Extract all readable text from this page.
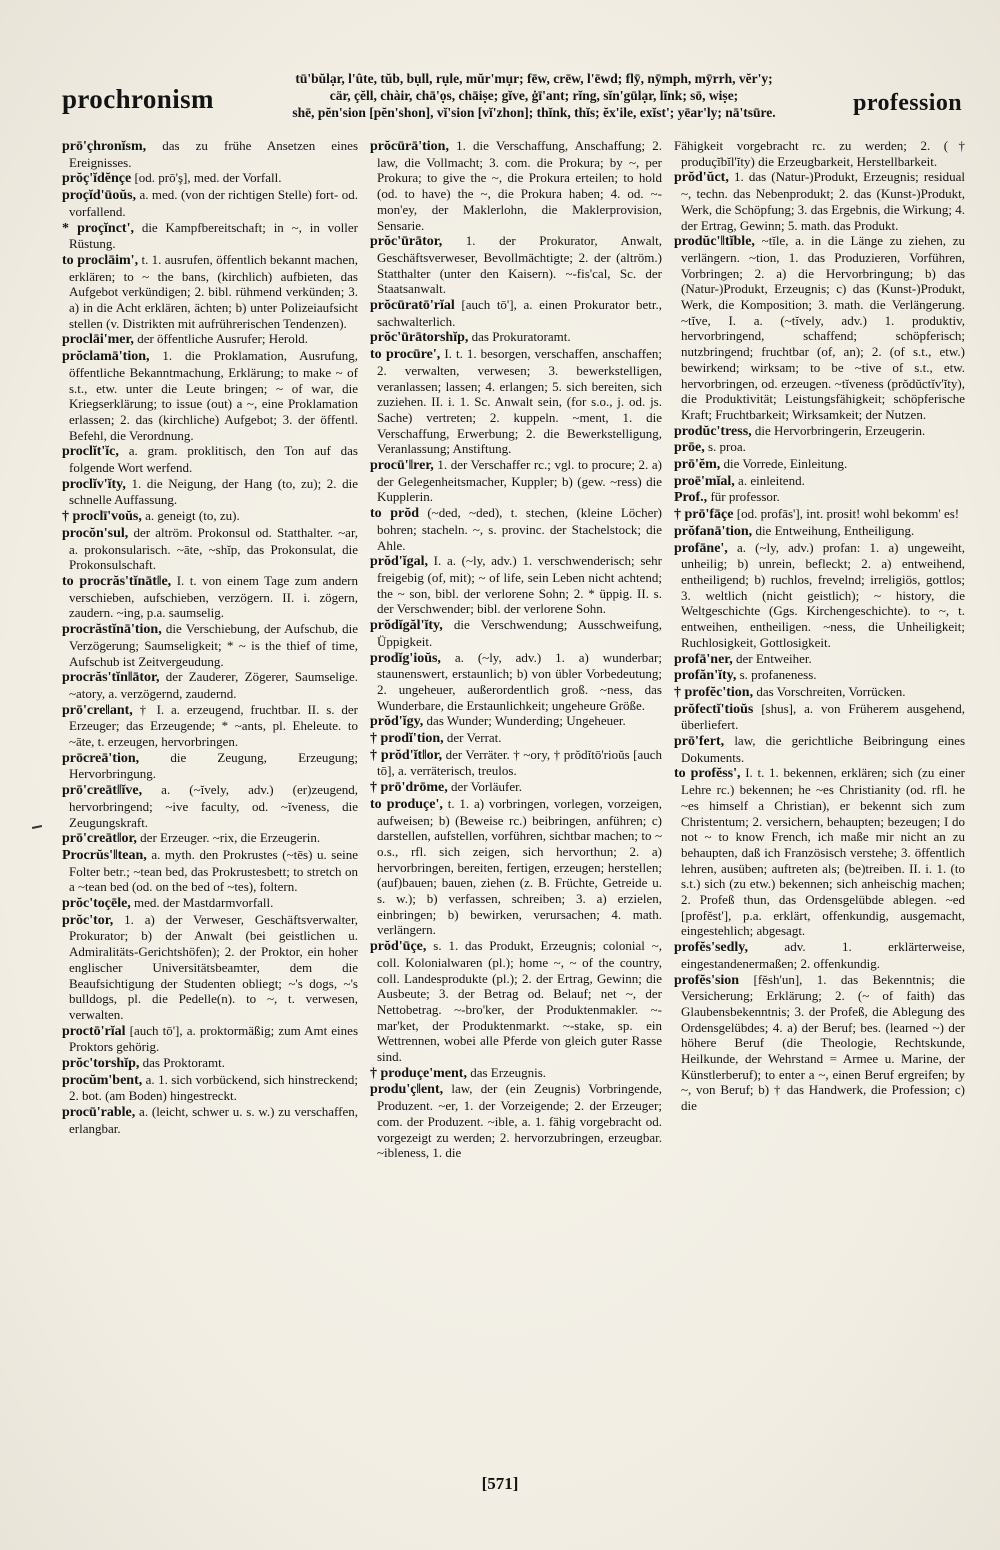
prochronism
tū'bŭlạr, l'ûte, tŭb, bụll, rụle, mŭr'mụr; fēw, crēw, l'ēwd; flȳ, nȳmph, mȳrrh, vĕr'y;
cär, çĕll, chàir, chā'ọs, chāiṣe; gĭve, ġī'ant; rĭng, sĭn'gūlạr, lĭnk; sō, wiṣe;
shē, pĕn'sion [pĕn'shon], vĭ'sion [vĭ'zhon]; thĭnk, thĭs; ĕx'ile, exĭst'; yēar'ly; nā'tsūre.	profession

prō'çhronĭsm, das zu frühe Ansetzen eines Ereignisses.

prŏç'ĭdĕnçe [od. prō'ş], med. der Vorfall.

proçĭd'ūoŭs, a. med. (von der richtigen Stelle) fort- od. vorfallend.

* proçĭnct', die Kampfbereitschaft; in ~, in voller Rüstung.

to proclāim', t. 1. ausrufen, öffentlich bekannt machen, erklären; to ~ the bans, (kirchlich) aufbieten, das Aufgebot verkündigen; 2. bibl. rühmend verkünden; 3. a) in die Acht erklären, ächten; b) unter Polizeiaufsicht stellen (v. Distrikten mit aufrührerischen Tendenzen).

proclāi'mer, der öffentliche Ausrufer; Herold.

prŏclamā'tion, 1. die Proklamation, Ausrufung, öffentliche Bekanntmachung, Erklärung; to make ~ of s.t., etw. unter die Leute bringen; ~ of war, die Kriegserklärung; to issue (out) a ~, eine Proklamation erlassen; 2. das (kirchliche) Aufgebot; 3. der öffentl. Befehl, die Verordnung.

proclĭt'ĭc, a. gram. proklitisch, den Ton auf das folgende Wort werfend.

proclĭv'ĭty, 1. die Neigung, der Hang (to, zu); 2. die schnelle Auffassung.

† proclī'voŭs, a. geneigt (to, zu).

procŏn'sul, der altröm. Prokonsul od. Statthalter. ~ar, a. prokonsularisch. ~āte, ~shĭp, das Prokonsulat, die Prokonsulschaft.

to procrăs'tĭnāt‖e, I. t. von einem Tage zum andern verschieben, aufschieben, verzögern. II. i. zögern, zaudern. ~ing, p.a. saumselig.

procrăstĭnā'tion, die Verschiebung, der Aufschub, die Verzögerung; Saumseligkeit; * ~ is the thief of time, Aufschub ist Zeitvergeudung.

procrăs'tĭn‖ātor, der Zauderer, Zögerer, Saumselige. ~atory, a. verzögernd, zaudernd.

prō'cre‖ant, † I. a. erzeugend, fruchtbar. II. s. der Erzeuger; das Erzeugende; * ~ants, pl. Eheleute. to ~āte, t. erzeugen, hervorbringen.

prōcreā'tion, die Zeugung, Erzeugung; Hervorbringung.

prō'creāt‖ĭve, a. (~ĭvely, adv.) (er)zeugend, hervorbringend; ~ive faculty, od. ~ĭveness, die Zeugungskraft.

prō'creāt‖or, der Erzeuger. ~rix, die Erzeugerin.

Procrŭs'‖tean, a. myth. den Prokrustes (~tēs) u. seine Folter betr.; ~tean bed, das Prokrustesbett; to stretch on a ~tean bed (od. on the bed of ~tes), foltern.

prŏc'toçēle, med. der Mastdarmvorfall.

prŏc'tor, 1. a) der Verweser, Geschäftsverwalter, Prokurator; b) der Anwalt (bei geistlichen u. Admiralitäts-Gerichtshöfen); 2. der Proktor, ein hoher englischer Universitätsbeamter, dem die Beaufsichtigung der Studenten obliegt; ~'s dogs, ~'s bulldogs, pl. die Pedelle(n). to ~, t. verwesen, verwalten.

proctō'rĭal [auch tō'], a. proktormäßig; zum Amt eines Proktors gehörig.

prŏc'torshĭp, das Proktoramt.

procŭm'bent, a. 1. sich vorbückend, sich hinstreckend; 2. bot. (am Boden) hingestreckt.

procū'rable, a. (leicht, schwer u. s. w.) zu verschaffen, erlangbar.

prŏcūrā'tion, 1. die Verschaffung, Anschaffung; 2. law, die Vollmacht; 3. com. die Prokura; by ~, per Prokura; to give the ~, die Prokura erteilen; to hold (od. to have) the ~, die Prokura haben; 4. od. ~-mon'ey, der Maklerlohn, die Maklerprovision, Sensarie.

prŏc'ūrātor, 1. der Prokurator, Anwalt, Geschäftsverweser, Bevollmächtigte; 2. der (altröm.) Statthalter (unter den Kaisern). ~-fis'cal, Sc. der Staatsanwalt.

prŏcūratō'rĭal [auch tō'], a. einen Prokurator betr., sachwalterlich.

prŏc'ūrātorshĭp, das Prokuratoramt.

to procūre', I. t. 1. besorgen, verschaffen, anschaffen; 2. verwalten, verwesen; 3. bewerkstelligen, veranlassen; lassen; 4. erlangen; 5. sich bereiten, sich zuziehen. II. i. 1. Sc. Anwalt sein, (for s.o., j. od. js. Sache) vertreten; 2. kuppeln. ~ment, 1. die Verschaffung, Erwerbung; 2. die Bewerkstelligung, Veranlassung; Anstiftung.

procū'‖rer, 1. der Verschaffer rc.; vgl. to procure; 2. a) der Gelegenheitsmacher, Kuppler; b) (gew. ~ress) die Kupplerin.

to prŏd (~ded, ~ded), t. stechen, (kleine Löcher) bohren; stacheln. ~, s. provinc. der Stachelstock; die Ahle.

prŏd'ĭgal, I. a. (~ly, adv.) 1. verschwenderisch; sehr freigebig (of, mit); ~ of life, sein Leben nicht achtend; the ~ son, bibl. der verlorene Sohn; 2. * üppig. II. s. der Verschwender; bibl. der verlorene Sohn.

prŏdĭgăl'ĭty, die Verschwendung; Ausschweifung, Üppigkeit.

prodĭg'ioŭs, a. (~ly, adv.) 1. a) wunderbar; staunenswert, erstaunlich; b) von übler Vorbedeutung; 2. ungeheuer, außerordentlich groß. ~ness, das Wunderbare, die Erstaunlichkeit; ungeheure Größe.

prŏd'ĭgy, das Wunder; Wunderding; Ungeheuer.

† prodĭ'tion, der Verrat.

† prŏd'ĭt‖or, der Verräter. † ~ory, † prŏdĭtō'rioŭs [auch tō], a. verräterisch, treulos.

† prō'drōme, der Vorläufer.

to produçe', t. 1. a) vorbringen, vorlegen, vorzeigen, aufweisen; b) (Beweise rc.) beibringen, anführen; c) darstellen, aufstellen, vorführen, sichtbar machen; to ~ o.s., rfl. sich zeigen, sich hervorthun; 2. a) hervorbringen, bereiten, fertigen, erzeugen; herstellen; (auf)bauen; bauen, ziehen (z. B. Früchte, Getreide u. s. w.); b) verfassen, schreiben; 3. a) erzielen, einbringen; b) bewirken, verursachen; 4. math. verlängern.

prŏd'ūçe, s. 1. das Produkt, Erzeugnis; colonial ~, coll. Kolonialwaren (pl.); home ~, ~ of the country, coll. Landesprodukte (pl.); 2. der Ertrag, Gewinn; die Ausbeute; 3. der Betrag od. Belauf; net ~, der Nettobetrag. ~-bro'ker, der Produktenmakler. ~-mar'ket, der Produktenmarkt. ~-stake, sp. ein Wettrennen, wobei alle Pferde von gleich guter Rasse sind.

† produçe'ment, das Erzeugnis.

produ'ç‖ent, law, der (ein Zeugnis) Vorbringende, Produzent. ~er, 1. der Vorzeigende; 2. der Erzeuger; com. der Produzent. ~ible, a. 1. fähig vorgebracht od. vorgezeigt zu werden; 2. hervorzubringen, erzeugbar. ~ibleness, 1. die

Fähigkeit vorgebracht rc. zu werden; 2. († produçĭbĭl'ĭty) die Erzeugbarkeit, Herstellbarkeit.

prŏd'ŭct, 1. das (Natur-)Produkt, Erzeugnis; residual ~, techn. das Nebenprodukt; 2. das (Kunst-)Produkt, Werk, die Schöpfung; 3. das Ergebnis, die Wirkung; 4. der Ertrag, Gewinn; 5. math. das Produkt.

prodŭc'‖tĭble, ~tĭle, a. in die Länge zu ziehen, zu verlängern. ~tion, 1. das Produzieren, Vorführen, Vorbringen; 2. a) die Hervorbringung; b) das (Natur-)Produkt, Erzeugnis; c) das (Kunst-)Produkt, Werk, die Komposition; 3. math. die Verlängerung. ~tĭve, I. a. (~tĭvely, adv.) 1. produktiv, hervorbringend, schaffend; schöpferisch; nutzbringend; fruchtbar (of, an); 2. (of s.t., etw.) bewirkend; wirksam; to be ~tive of s.t., etw. hervorbringen, od. erzeugen. ~tĭveness (prŏdŭctĭv'ĭty), die Produktivität; Leistungsfähigkeit; schöpferische Kraft; Fruchtbarkeit; Wirksamkeit; der Nutzen.

prodŭc'tress, die Hervorbringerin, Erzeugerin.

prōe, s. proa.

prō'ĕm, die Vorrede, Einleitung.

proē'mĭal, a. einleitend.

Prof., für professor.

† prō'fāçe [od. profās'], int. prosit! wohl bekomm' es!

prŏfanā'tion, die Entweihung, Entheiligung.

profāne', a. (~ly, adv.) profan: 1. a) ungeweiht, unheilig; b) unrein, befleckt; 2. a) entweihend, entheiligend; b) ruchlos, frevelnd; irreligiös, gottlos; 3. weltlich (nicht geistlich); ~ history, die Weltgeschichte (Ggs. Kirchengeschichte). to ~, t. entweihen, entheiligen. ~ness, die Unheiligkeit; Ruchlosigkeit, Gottlosigkeit.

profā'ner, der Entweiher.

profăn'ĭty, s. profaneness.

† profĕc'tion, das Vorschreiten, Vorrücken.

prŏfectĭ'tioŭs [shus], a. von Früherem ausgehend, überliefert.

prō'fert, law, die gerichtliche Beibringung eines Dokuments.

to profĕss', I. t. 1. bekennen, erklären; sich (zu einer Lehre rc.) bekennen; he ~es Christianity (od. rfl. he ~es himself a Christian), er bekennt sich zum Christentum; 2. versichern, behaupten; bezeugen; I do not ~ to know French, ich maße mir nicht an zu behaupten, daß ich Französisch verstehe; 3. öffentlich lehren, ausüben; auftreten als; (be)treiben. II. i. 1. (to s.t.) sich (zu etw.) bekennen; sich anheischig machen; 2. Profeß thun, das Ordensgelübde ablegen. ~ed [profĕst'], p.a. erklärt, offenkundig, ausgemacht, eingestehlich; abgesagt.

profĕs'sedly,	adv. 1. erklärterweise, eingestandenermaßen; 2. offenkundig.

profĕs'sion [fĕsh'un], 1. das Bekenntnis; die Versicherung; Erklärung; 2. (~ of faith) das Glaubensbekenntnis; 3. der Profeß, die Ablegung des Ordensgelübdes; 4. a) der Beruf; bes. (learned ~) der höhere Beruf (die Theologie, Rechtskunde, Heilkunde, der Wehrstand = Armee u. Marine, der Künstlerberuf); to enter a ~, einen Beruf ergreifen; by ~, von Beruf; b) † das Handwerk, die Profession; c) die

[571]
